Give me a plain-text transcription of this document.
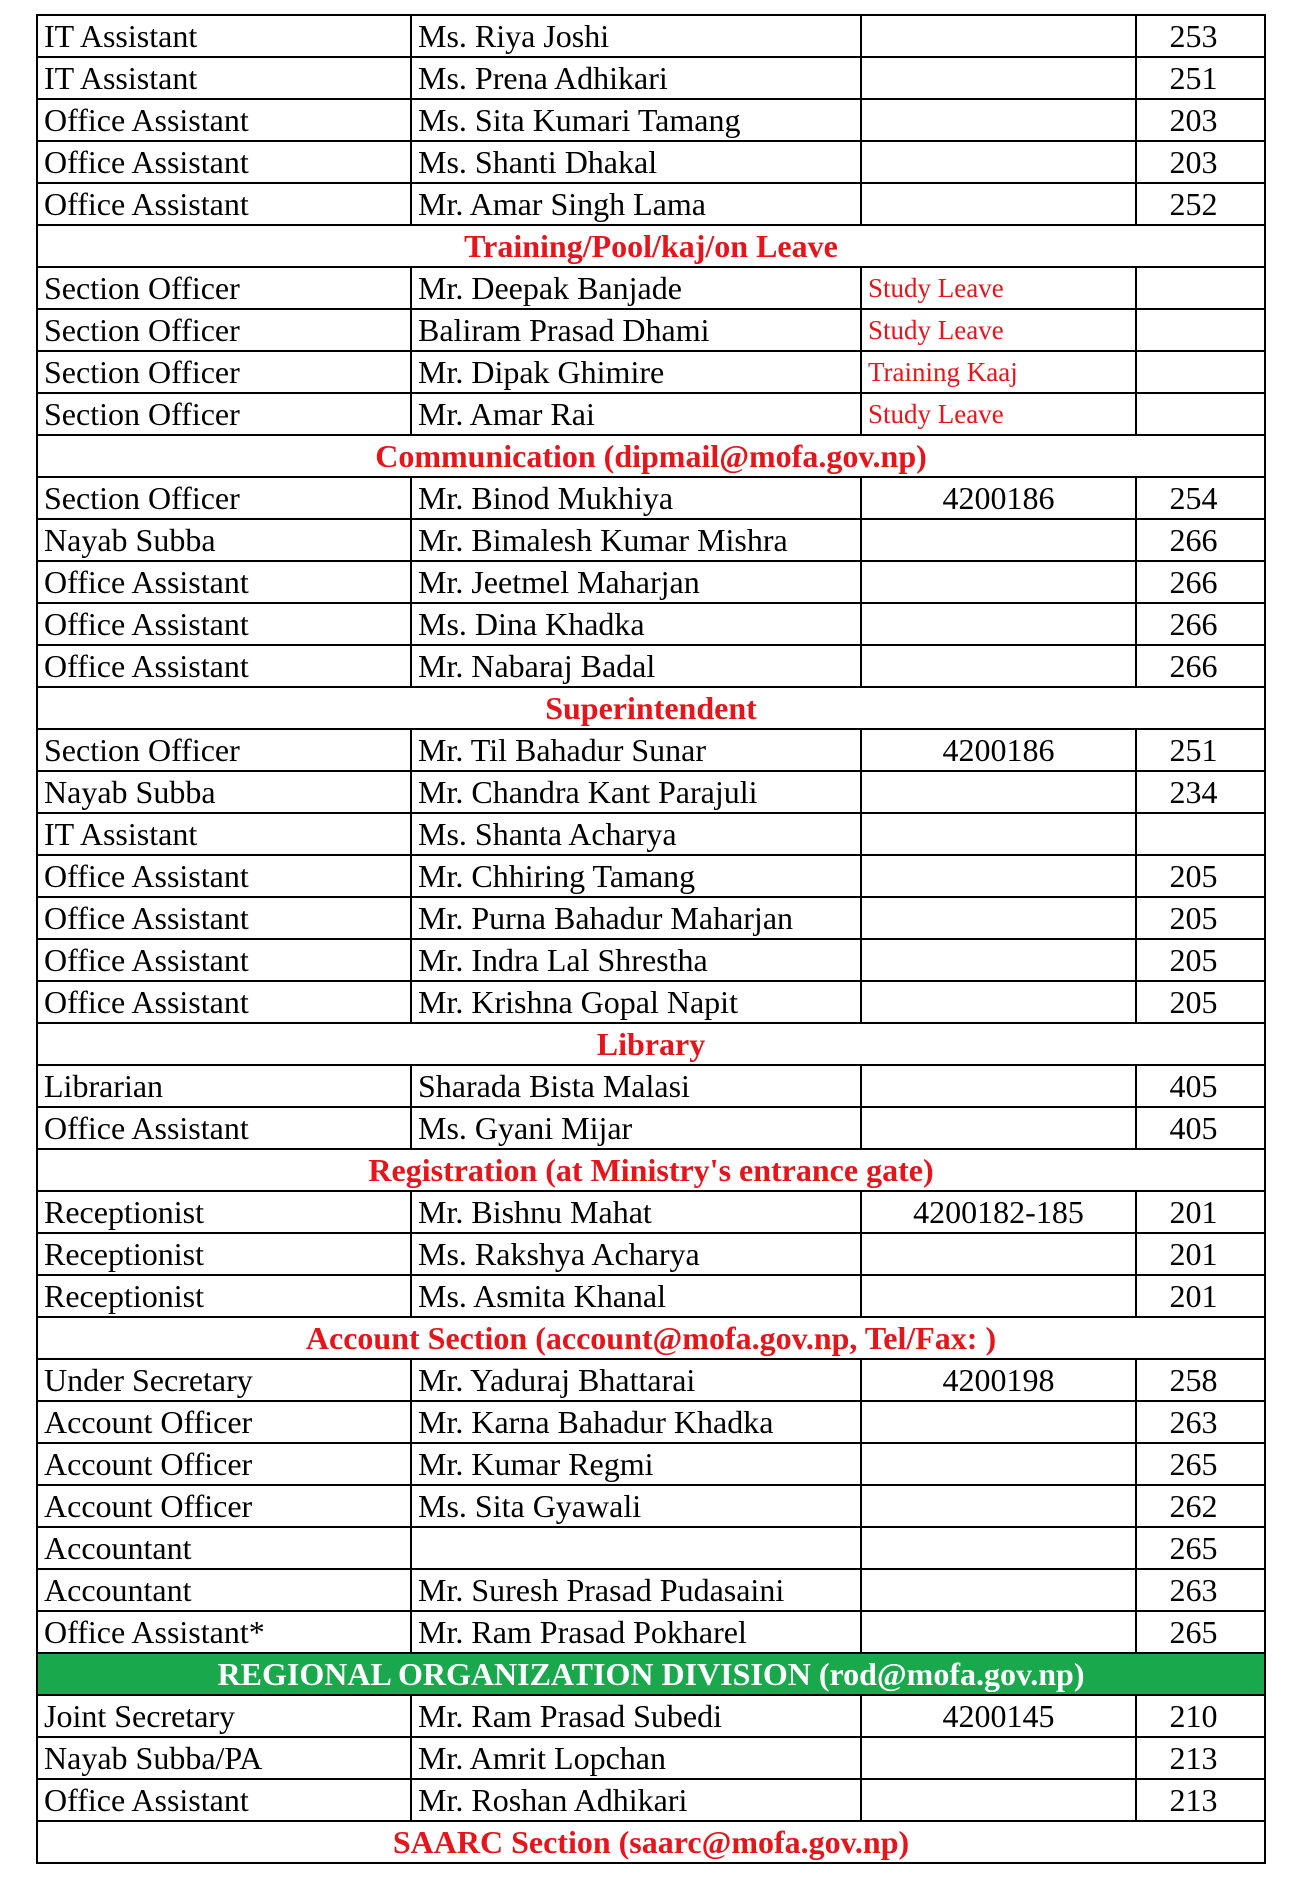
IT Assistant	Ms. Riya Joshi		253
IT Assistant	Ms. Prena Adhikari		251
Office Assistant	Ms. Sita Kumari Tamang		203
Office Assistant	Ms. Shanti Dhakal		203
Office Assistant	Mr. Amar Singh Lama		252
Training/Pool/kaj/on Leave			
Section Officer	Mr. Deepak Banjade	Study Leave	
Section Officer	Baliram Prasad Dhami	Study Leave	
Section Officer	Mr. Dipak Ghimire	Training Kaaj	
Section Officer	Mr. Amar Rai	Study Leave	
Communication (dipmail@mofa.gov.np)			
Section Officer	Mr. Binod Mukhiya	4200186	254
Nayab Subba	Mr. Bimalesh Kumar Mishra		266
Office Assistant	Mr. Jeetmel Maharjan		266
Office Assistant	Ms. Dina Khadka		266
Office Assistant	Mr. Nabaraj Badal		266
Superintendent			
Section Officer	Mr. Til Bahadur Sunar	4200186	251
Nayab Subba	Mr. Chandra Kant Parajuli		234
IT Assistant	Ms. Shanta Acharya		
Office Assistant	Mr. Chhiring Tamang		205
Office Assistant	Mr. Purna Bahadur Maharjan		205
Office Assistant	Mr. Indra Lal Shrestha		205
Office Assistant	Mr. Krishna Gopal Napit		205
Library			
Librarian	Sharada Bista Malasi		405
Office Assistant	Ms. Gyani Mijar		405
Registration (at Ministry's entrance gate)			
Receptionist	Mr. Bishnu Mahat	4200182-185	201
Receptionist	Ms. Rakshya Acharya		201
Receptionist	Ms. Asmita Khanal		201
Account Section (account@mofa.gov.np, Tel/Fax: )			
Under Secretary	Mr. Yaduraj Bhattarai	4200198	258
Account Officer	Mr. Karna Bahadur Khadka		263
Account Officer	Mr. Kumar Regmi		265
Account Officer	Ms. Sita Gyawali		262
Accountant			265
Accountant	Mr. Suresh Prasad Pudasaini		263
Office Assistant*	Mr. Ram Prasad Pokharel		265
REGIONAL ORGANIZATION DIVISION (rod@mofa.gov.np)			
Joint Secretary	Mr. Ram Prasad Subedi	4200145	210
Nayab Subba/PA	Mr. Amrit Lopchan		213
Office Assistant	Mr. Roshan Adhikari		213
SAARC Section (saarc@mofa.gov.np)			
